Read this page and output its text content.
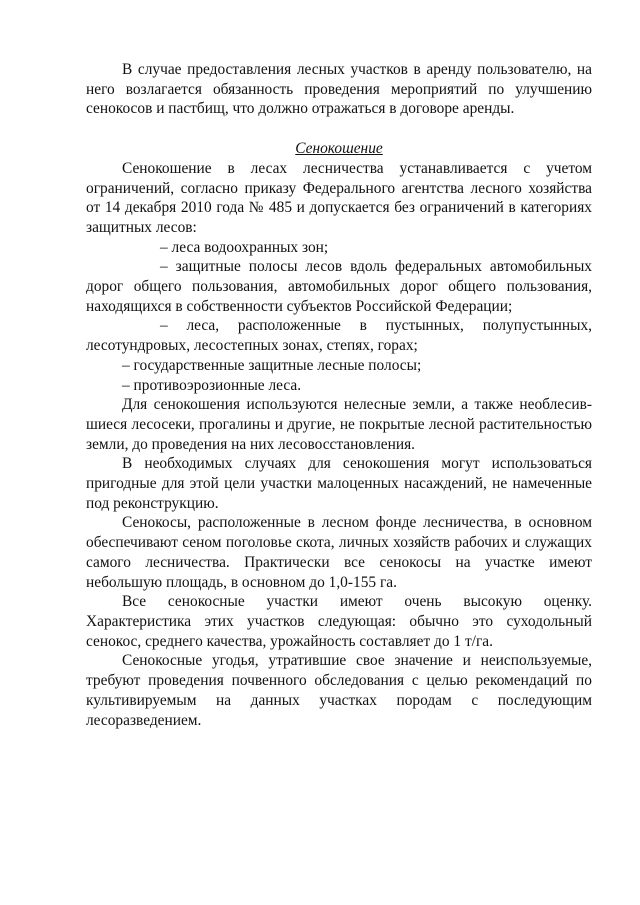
В случае предоставления лесных участков в аренду пользователю, на него возлагается обязанность проведения мероприятий по улучшению сенокосов и пастбищ, что должно отражаться в договоре аренды.

Сенокошение

Сенокошение в лесах лесничества устанавливается с учетом ограничений, согласно приказу Федерального агентства лесного хозяйства от 14 декабря 2010 года № 485 и допускается без ограничений в категориях защитных лесов:

– леса водоохранных зон;

– защитные полосы лесов вдоль федеральных автомобильных дорог общего пользования, автомобильных дорог общего пользования, находящихся в собственности субъектов Российской Федерации;

– леса, расположенные в пустынных, полупустынных, лесотундровых, лесостепных зонах, степях, горах;

– государственные защитные лесные полосы;

– противоэрозионные леса.

Для сенокошения используются нелесные земли, а также необлесившиеся лесосеки, прогалины и другие, не покрытые лесной растительностью земли, до проведения на них лесовосстановления.

В необходимых случаях для сенокошения могут использоваться пригодные для этой цели участки малоценных насаждений, не намеченные под реконструкцию.

Сенокосы, расположенные в лесном фонде лесничества, в основном обеспечивают сеном поголовье скота, личных хозяйств рабочих и служащих самого лесничества. Практически все сенокосы на участке имеют небольшую площадь, в основном до 1,0-155 га.

Все сенокосные участки имеют очень высокую оценку. Характеристика этих участков следующая: обычно это суходольный сенокос, среднего качества, урожайность составляет до 1 т/га.

Сенокосные угодья, утратившие свое значение и неиспользуемые, требуют проведения почвенного обследования с целью рекомендаций по культивируемым на данных участках породам с последующим лесоразведением.
